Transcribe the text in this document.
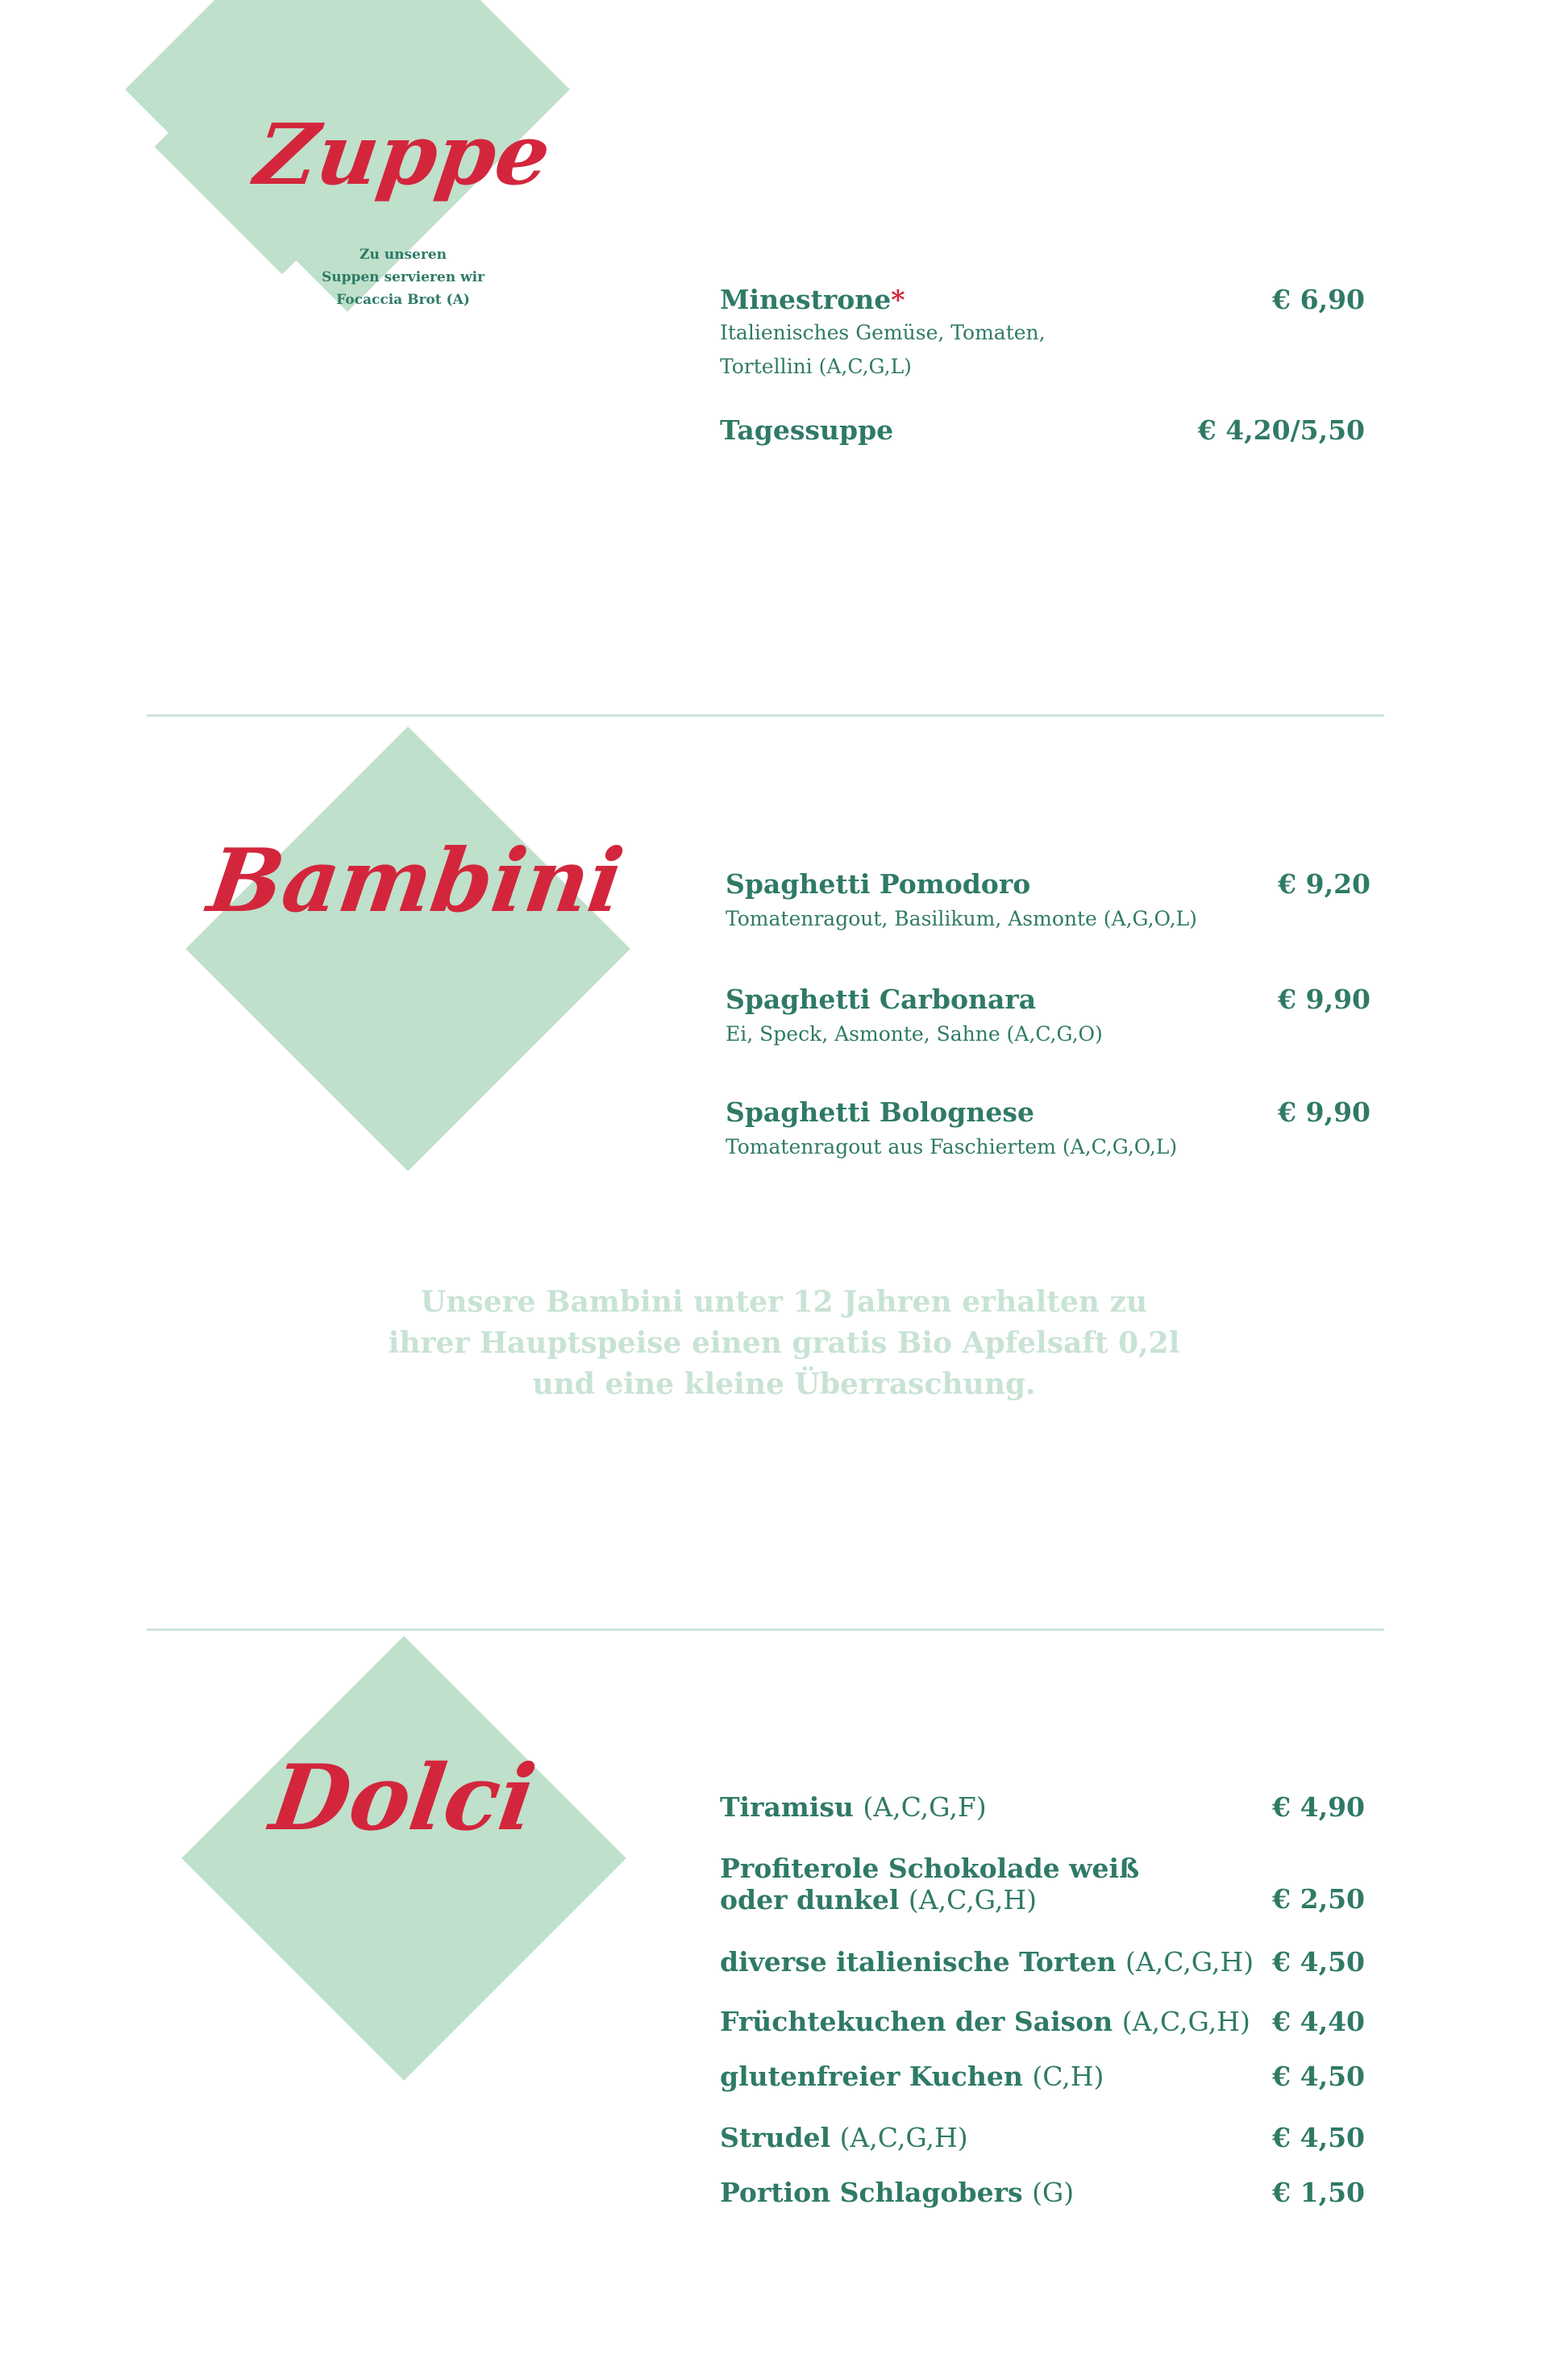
Zuppe
Zu unseren
Suppen servieren wir
Focaccia Brot (A)	Minestrone*	€ 6,90
Italienisches Gemüse, Tomaten,
Tortellini (A,C,G,L)
Tagessuppe	€ 4,20/5,50
Bambini	Spaghetti Pomodoro	€ 9,20
Tomatenragout, Basilikum, Asmonte (A,G,O,L)
Spaghetti Carbonara	€ 9,90
Ei, Speck, Asmonte, Sahne (A,C,G,O)
Spaghetti Bolognese	€ 9,90
Tomatenragout aus Faschiertem (A,C,G,O,L)
Unsere Bambini unter 12 Jahren erhalten zu
ihrer Hauptspeise einen gratis Bio Apfelsaft 0,2l
und eine kleine Überraschung.
Dolci	Tiramisu (A,C,G,F)	€ 4,90
Profiterole Schokolade weiß
oder dunkel (A,C,G,H)	€ 2,50
diverse italienische Torten (A,C,G,H) € 4,50
Früchtekuchen der Saison (A,C,G,H) € 4,40
glutenfreier Kuchen (C,H)	€ 4,50
Strudel (A,C,G,H)	€ 4,50
Portion Schlagobers (G)	€ 1,50
